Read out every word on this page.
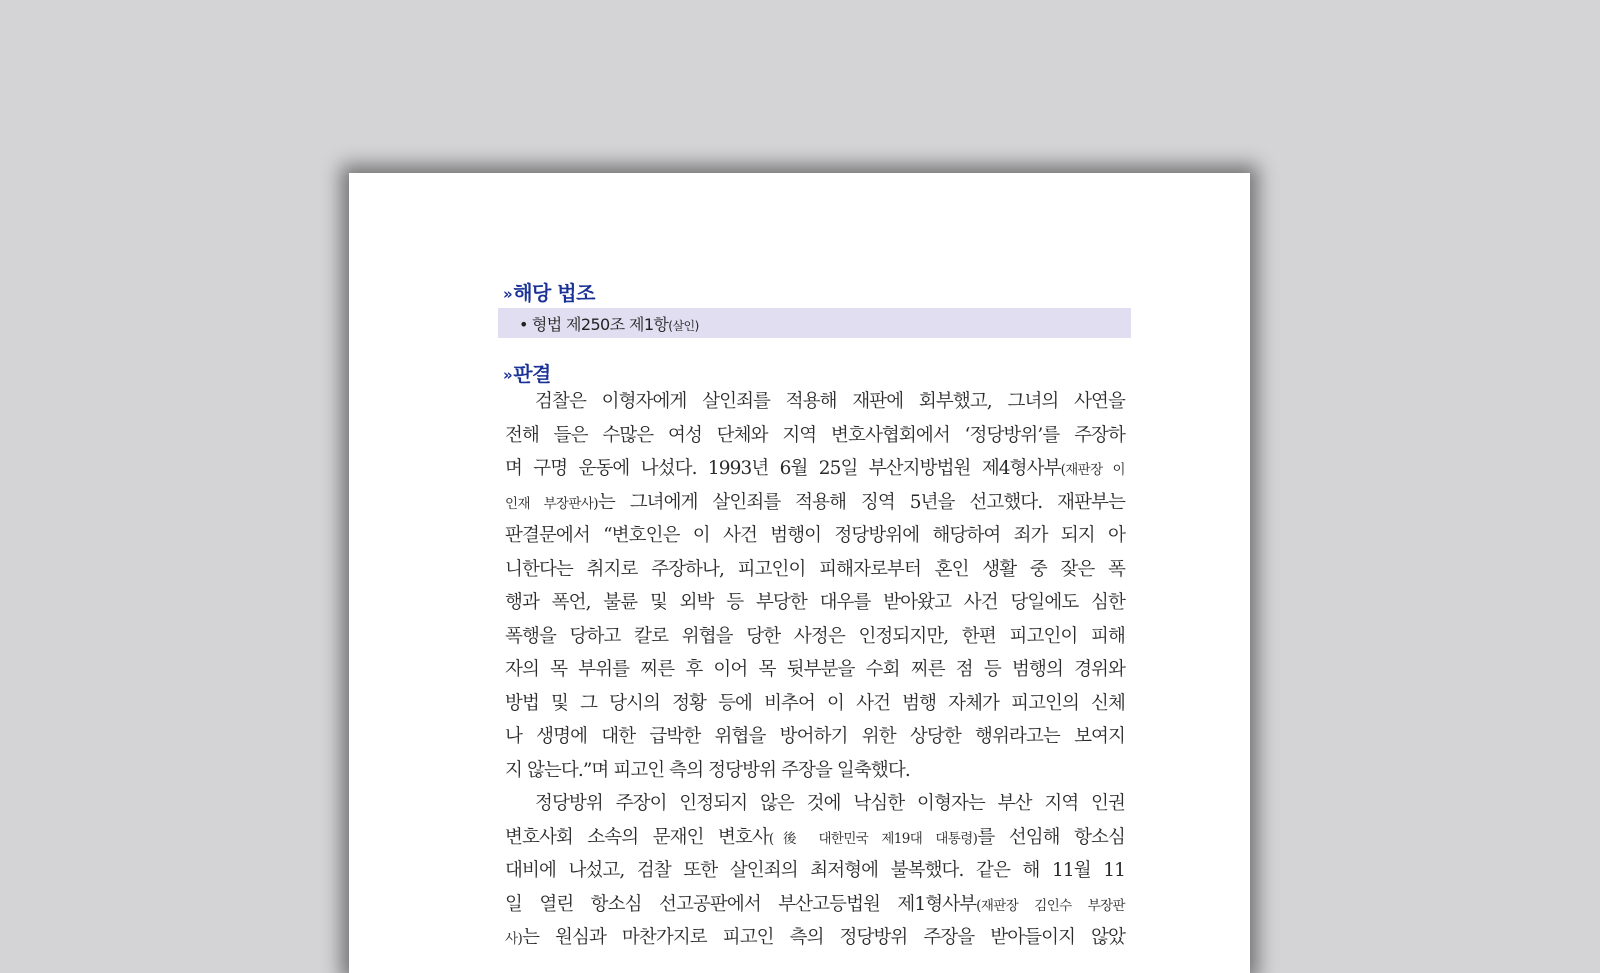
»해당 법조
• 형법 제250조 제1항(살인)
»판결
검찰은 이형자에게 살인죄를 적용해 재판에 회부했고, 그녀의 사연을
전해 들은 수많은 여성 단체와 지역 변호사협회에서 ‘정당방위’를 주장하
며 구명 운동에 나섰다. 1993년 6월 25일 부산지방법원 제4형사부(재판장 이
인재 부장판사)는 그녀에게 살인죄를 적용해 징역 5년을 선고했다. 재판부는
판결문에서 “변호인은 이 사건 범행이 정당방위에 해당하여 죄가 되지 아
니한다는 취지로 주장하나, 피고인이 피해자로부터 혼인 생활 중 잦은 폭
행과 폭언, 불륜 및 외박 등 부당한 대우를 받아왔고 사건 당일에도 심한
폭행을 당하고 칼로 위협을 당한 사정은 인정되지만, 한편 피고인이 피해
자의 목 부위를 찌른 후 이어 목 뒷부분을 수회 찌른 점 등 범행의 경위와
방법 및 그 당시의 정황 등에 비추어 이 사건 범행 자체가 피고인의 신체
나 생명에 대한 급박한 위협을 방어하기 위한 상당한 행위라고는 보여지
지 않는다.”며 피고인 측의 정당방위 주장을 일축했다.
정당방위 주장이 인정되지 않은 것에 낙심한 이형자는 부산 지역 인권
변호사회 소속의 문재인 변호사(後 대한민국 제19대 대통령)를 선임해 항소심
대비에 나섰고, 검찰 또한 살인죄의 최저형에 불복했다. 같은 해 11월 11
일 열린 항소심 선고공판에서 부산고등법원 제1형사부(재판장 김인수 부장판
사)는 원심과 마찬가지로 피고인 측의 정당방위 주장을 받아들이지 않았
